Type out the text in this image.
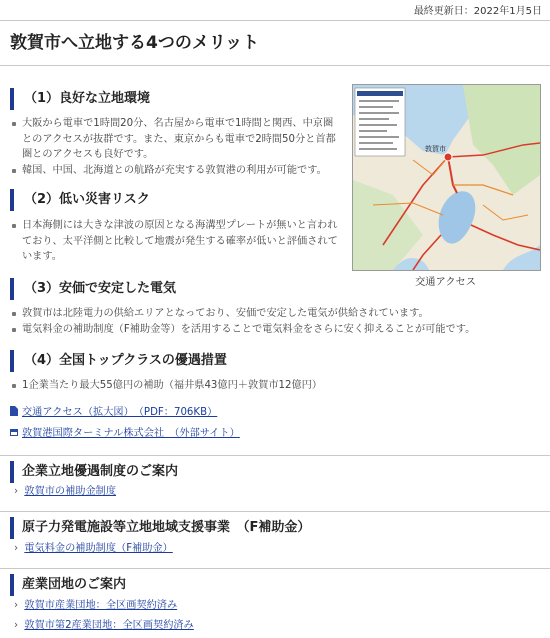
最終更新日：2022年1月5日
敦賀市へ立地する4つのメリット
（1）良好な立地環境
大阪から電車で1時間20分、名古屋から電車で1時間と関西、中京圏とのアクセスが抜群です。また、東京からも電車で2時間50分と首都圏とのアクセスも良好です。
韓国、中国、北海道との航路が充実する敦賀港の利用が可能です。
（2）低い災害リスク
日本海側には大きな津波の原因となる海溝型プレートが無いと言われており、太平洋側と比較して地震が発生する確率が低いと評価されています。
（3）安価で安定した電気
敦賀市は北陸電力の供給エリアとなっており、安価で安定した電気が供給されています。
電気料金の補助制度（F補助金等）を活用することで電気料金をさらに安く抑えることが可能です。
（4）全国トップクラスの優遇措置
1企業当たり最大55億円の補助（福井県43億円＋敦賀市12億円）
交通アクセス（拡大図）　（PDF：706KB）
敦賀港国際ターミナル株式会社　（外部サイト）
敦賀市
交通アクセス
企業立地優遇制度のご案内
› 敦賀市の補助金制度
原子力発電施設等立地地域支援事業　（F補助金）
› 電気料金の補助制度（F補助金）
産業団地のご案内
› 敦賀市産業団地：全区画契約済み
› 敦賀市第2産業団地：全区画契約済み
